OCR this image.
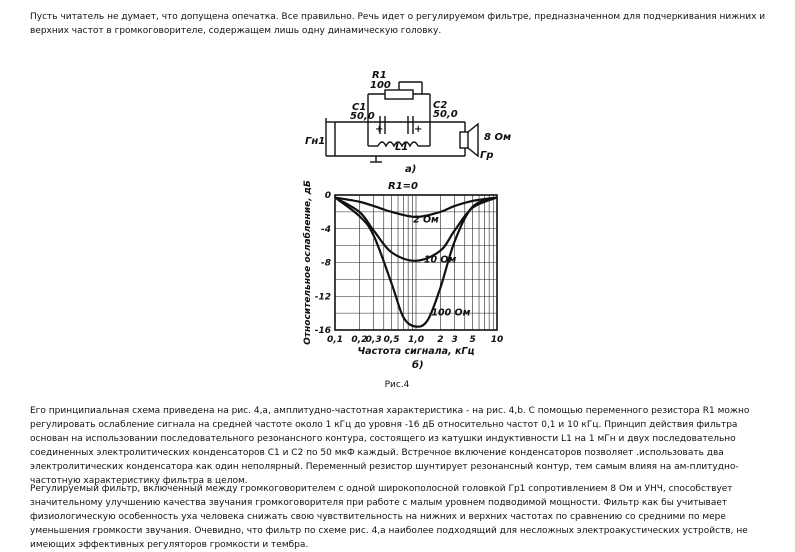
Пусть читатель не думает, что допущена опечатка. Все правильно. Речь идет о регулируемом фильтре, предназначенном для подчеркивания нижних и верхних частот в громкоговорителе, содержащем лишь одну динамическую головку.

R1
100
C1
50,0
C2
50,0
+	+
L1
Гн1	8 Ом
Гр
а)
0,1 0,2
0,3 0,5 1,0 2 3 5 10
0
-4
-8
-12
-16
R1=0
Частота сигнала, кГц
Относительное ослабление, дБ
б)
2 Ом
10 Ом
100 Ом
Рис.4

Его принципиальная схема приведена на рис. 4,а, амплитудно-частотная характеристика - на рис. 4,b. С помощью переменного резистора R1 можно регулировать ослабление сигнала на средней частоте около 1 кГц до уровня -16 дБ относительно частот 0,1 и 10 кГц. Принцип действия фильтра основан на использовании последовательного резонансного контура, состоящего из катушки индуктивности L1 на 1 мГн и двух последовательно соединенных электролитических конденсаторов С1 и С2 по 50 мкФ каждый. Встречное включение конденсаторов позволяет .использовать два электролитических конденсатора как один неполярный. Переменный резистор шунтирует резонансный контур, тем самым влияя на ам-плитудно-частотную характеристику фильтра в целом.

Регулируемый фильтр, включенный между громкоговорителем с одной широкополосной головкой Гр1 сопротивлением 8 Ом и УНЧ, способствует значительному улучшению качества звучания громкоговорителя при работе с малым уровнем подводимой мощности. Фильтр как бы учитывает физиологическую особенность уха человека снижать свою чувствительность на нижних и верхних частотах по сравнению со средними по мере уменьшения громкости звучания. Очевидно, что фильтр по схеме рис. 4,а наиболее подходящий для несложных электроакустических устройств, не имеющих эффективных регуляторов громкости и тембра.
